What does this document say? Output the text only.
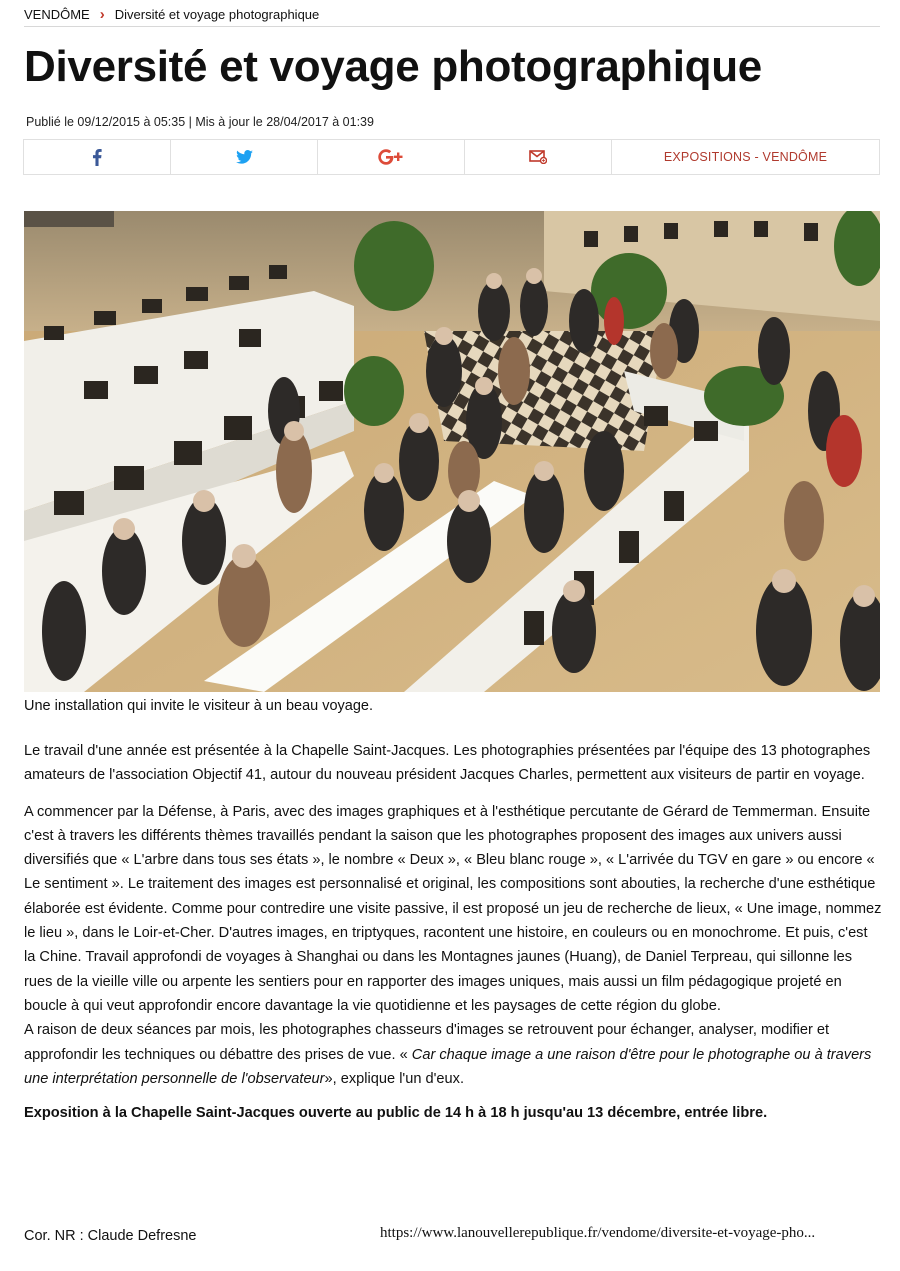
VENDÔME › Diversité et voyage photographique
Diversité et voyage photographique
Publié le 09/12/2015 à 05:35 | Mis à jour le 28/04/2017 à 01:39
EXPOSITIONS - VENDÔME
Une installation qui invite le visiteur à un beau voyage.

Le travail d'une année est présentée à la Chapelle Saint-Jacques. Les photographies présentées par l'équipe des 13 photographes amateurs de l'association Objectif 41, autour du nouveau président Jacques Charles, permettent aux visiteurs de partir en voyage.

A commencer par la Défense, à Paris, avec des images graphiques et à l'esthétique percutante de Gérard de Temmerman. Ensuite c'est à travers les différents thèmes travaillés pendant la saison que les photographes proposent des images aux univers aussi diversifiés que « L'arbre dans tous ses états », le nombre « Deux », « Bleu blanc rouge », « L'arrivée du TGV en gare » ou encore « Le sentiment ». Le traitement des images est personnalisé et original, les compositions sont abouties, la recherche d'une esthétique élaborée est évidente. Comme pour contredire une visite passive, il est proposé un jeu de recherche de lieux, « Une image, nommez le lieu », dans le Loir-et-Cher. D'autres images, en triptyques, racontent une histoire, en couleurs ou en monochrome. Et puis, c'est la Chine. Travail approfondi de voyages à Shanghai ou dans les Montagnes jaunes (Huang), de Daniel Terpreau, qui sillonne les rues de la vieille ville ou arpente les sentiers pour en rapporter des images uniques, mais aussi un film pédagogique projeté en boucle à qui veut approfondir encore davantage la vie quotidienne et les paysages de cette région du globe.

A raison de deux séances par mois, les photographes chasseurs d'images se retrouvent pour échanger, analyser, modifier et approfondir les techniques ou débattre des prises de vue. « Car chaque image a une raison d'être pour le photographe ou à travers une interprétation personnelle de l'observateur», explique l'un d'eux.

Exposition à la Chapelle Saint-Jacques ouverte au public de 14 h à 18 h jusqu'au 13 décembre, entrée libre.

Cor. NR : Claude Defresne	https://www.lanouvellerepublique.fr/vendome/diversite-et-voyage-pho...
